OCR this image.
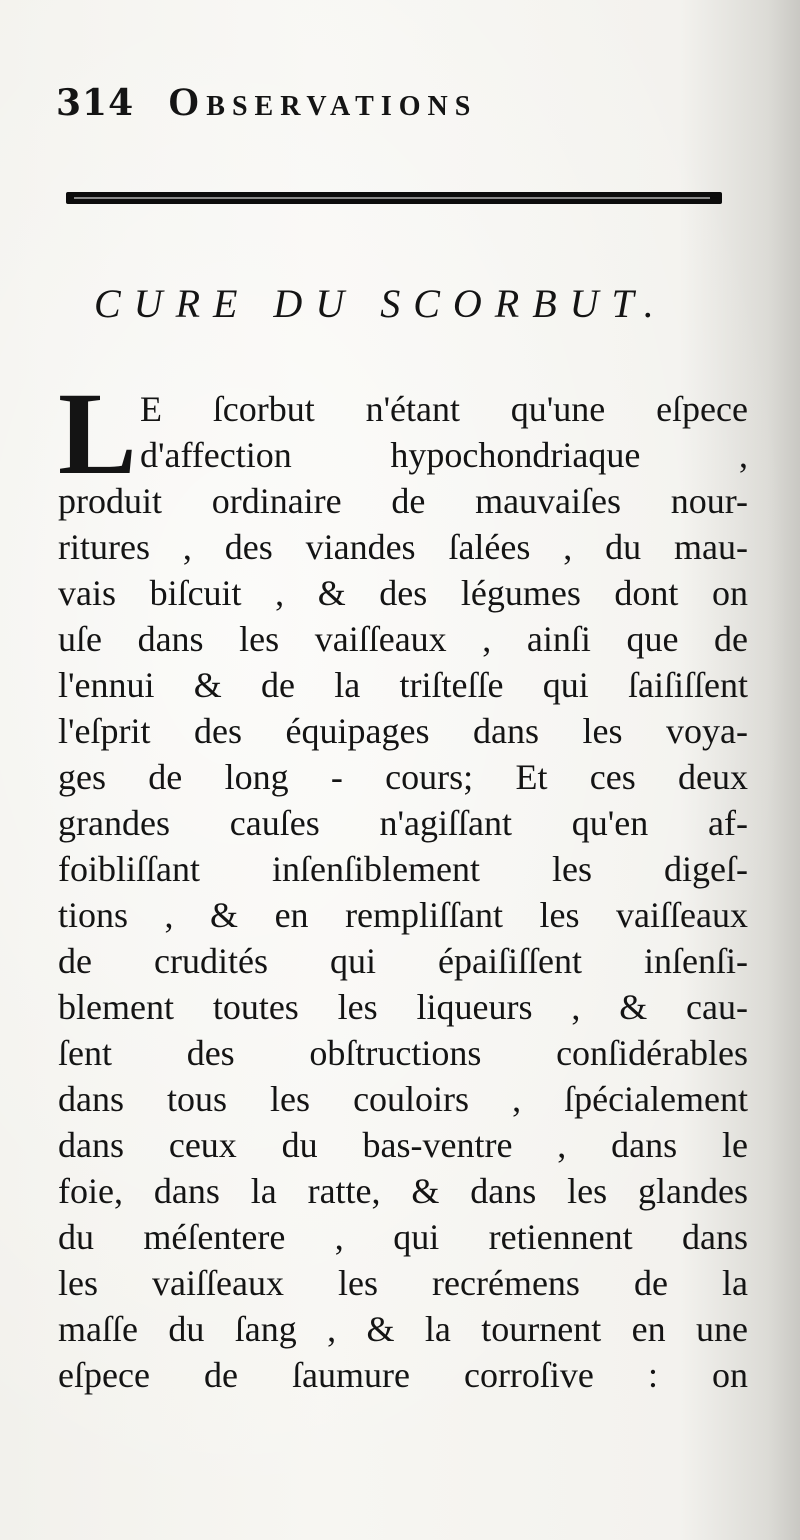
314 Observations
CURE DU SCORBUT.
L E ſcorbut n'étant qu'une eſpece
d'affection hypochondriaque ,
produit ordinaire de mauvaiſes nour-
ritures , des viandes ſalées , du mau-
vais biſcuit , & des légumes dont on
uſe dans les vaiſſeaux , ainſi que de
l'ennui & de la triſteſſe qui ſaiſiſſent
l'eſprit des équipages dans les voya-
ges de long - cours; Et ces deux
grandes cauſes n'agiſſant qu'en af-
foibliſſant inſenſiblement les digeſ-
tions , & en rempliſſant les vaiſſeaux
de crudités qui épaiſiſſent inſenſi-
blement toutes les liqueurs , & cau-
ſent des obſtructions conſidérables
dans tous les couloirs , ſpécialement
dans ceux du bas-ventre , dans le
foie, dans la ratte, & dans les glandes
du méſentere , qui retiennent dans
les vaiſſeaux les recrémens de la
maſſe du ſang , & la tournent en une
eſpece de ſaumure corroſive : on
